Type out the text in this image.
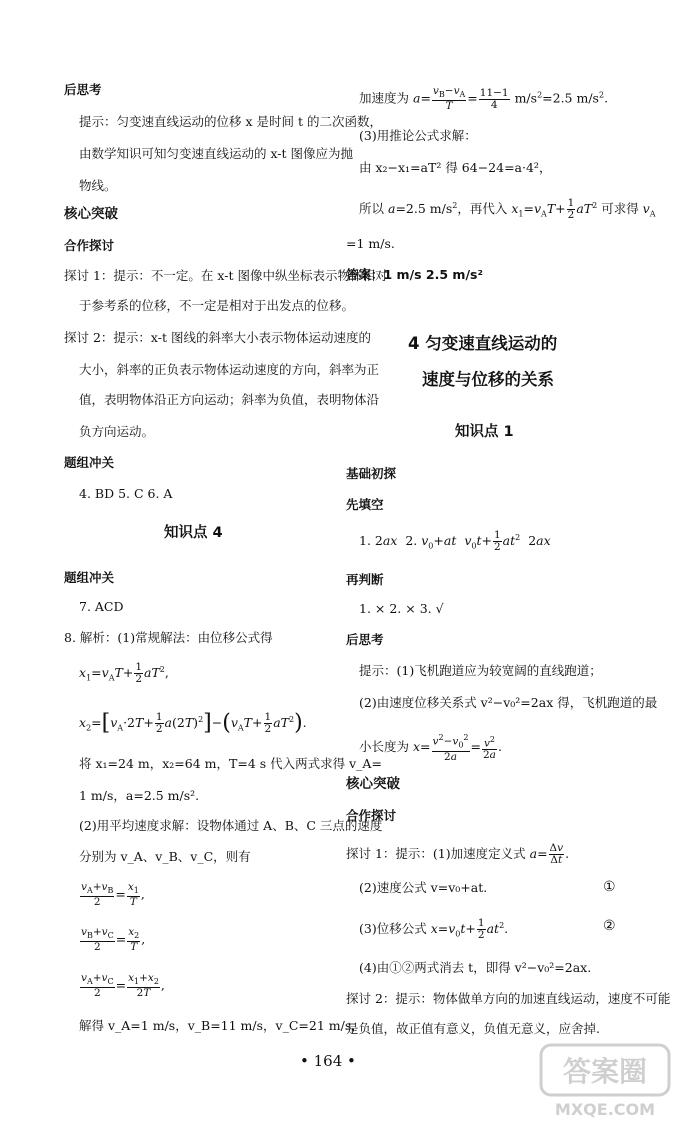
后思考
提示：匀变速直线运动的位移 x 是时间 t 的二次函数，
由数学知识可知匀变速直线运动的 x-t 图像应为抛
物线。
核心突破
合作探讨
探讨 1：提示：不一定。在 x-t 图像中纵坐标表示物体相对
于参考系的位移，不一定是相对于出发点的位移。
探讨 2：提示：x-t 图线的斜率大小表示物体运动速度的
大小，斜率的正负表示物体运动速度的方向，斜率为正
值，表明物体沿正方向运动；斜率为负值，表明物体沿
负方向运动。
题组冲关
4. BD 5. C 6. A
知识点 4
题组冲关
7. ACD
8. 解析：(1)常规解法：由位移公式得
$x_1=v_AT+ \frac{1}{2} aT^2$,
$x_2=[v_A\cdot 2T+ \frac{1}{2} a(2T)^2]-(v_AT+ \frac{1}{2} aT^2)$.
将 x₁=24 m，x₂=64 m，T=4 s 代入两式求得 v_A=
1 m/s，a=2.5 m/s².
(2)用平均速度求解：设物体通过 A、B、C 三点的速度
分别为 v_A、v_B、v_C，则有
$\frac{v_A+v_B}{2} = \frac{x_1}{T}$ ,
$\frac{v_B+v_C}{2} = \frac{x_2}{T}$ ,
$\frac{v_A+v_C}{2} = \frac{x_1+x_2}{2T}$ ,
解得 v_A=1 m/s，v_B=11 m/s，v_C=21 m/s，
加速度为 $a= \frac{v_B-v_A}{T} = \frac{11-1}{4} m/s^2=2.5$ $m/s^2$.
(3)用推论公式求解：
由 x₂−x₁=aT² 得 64−24=a·4²，
所以 a=2.5 $m/s^2$，再代入 $x_1=v_AT+ \frac{1}{2} aT^2$ 可求得 $v_A$
=1 m/s.
答案：1 m/s 2.5 m/s²
4 匀变速直线运动的
速度与位移的关系
知识点 1
基础初探
先填空
1. 2ax  2. $v_0+at$ $v_0t+ \frac{1}{2} at^2$  2ax
再判断
1. × 2. × 3. √
后思考
提示：(1)飞机跑道应为较宽阔的直线跑道；
(2)由速度位移关系式 v²−v₀²=2ax 得，飞机跑道的最
小长度为 $x= \frac{v^2-v_0^2}{2a} = \frac{v^2}{2a}$ .
核心突破
合作探讨
探讨 1：提示：(1)加速度定义式 $a= \frac{\Delta v}{\Delta t}$ .
(2)速度公式 v=v₀+at.	①
(3)位移公式 $x=v_0t+ \frac{1}{2} at^2$.	②
(4)由①②两式消去 t，即得 v²−v₀²=2ax.
探讨 2：提示：物体做单方向的加速直线运动，速度不可能
是负值，故正值有意义，负值无意义，应舍掉.
• 164 •	答案圈
MXQE.COM
